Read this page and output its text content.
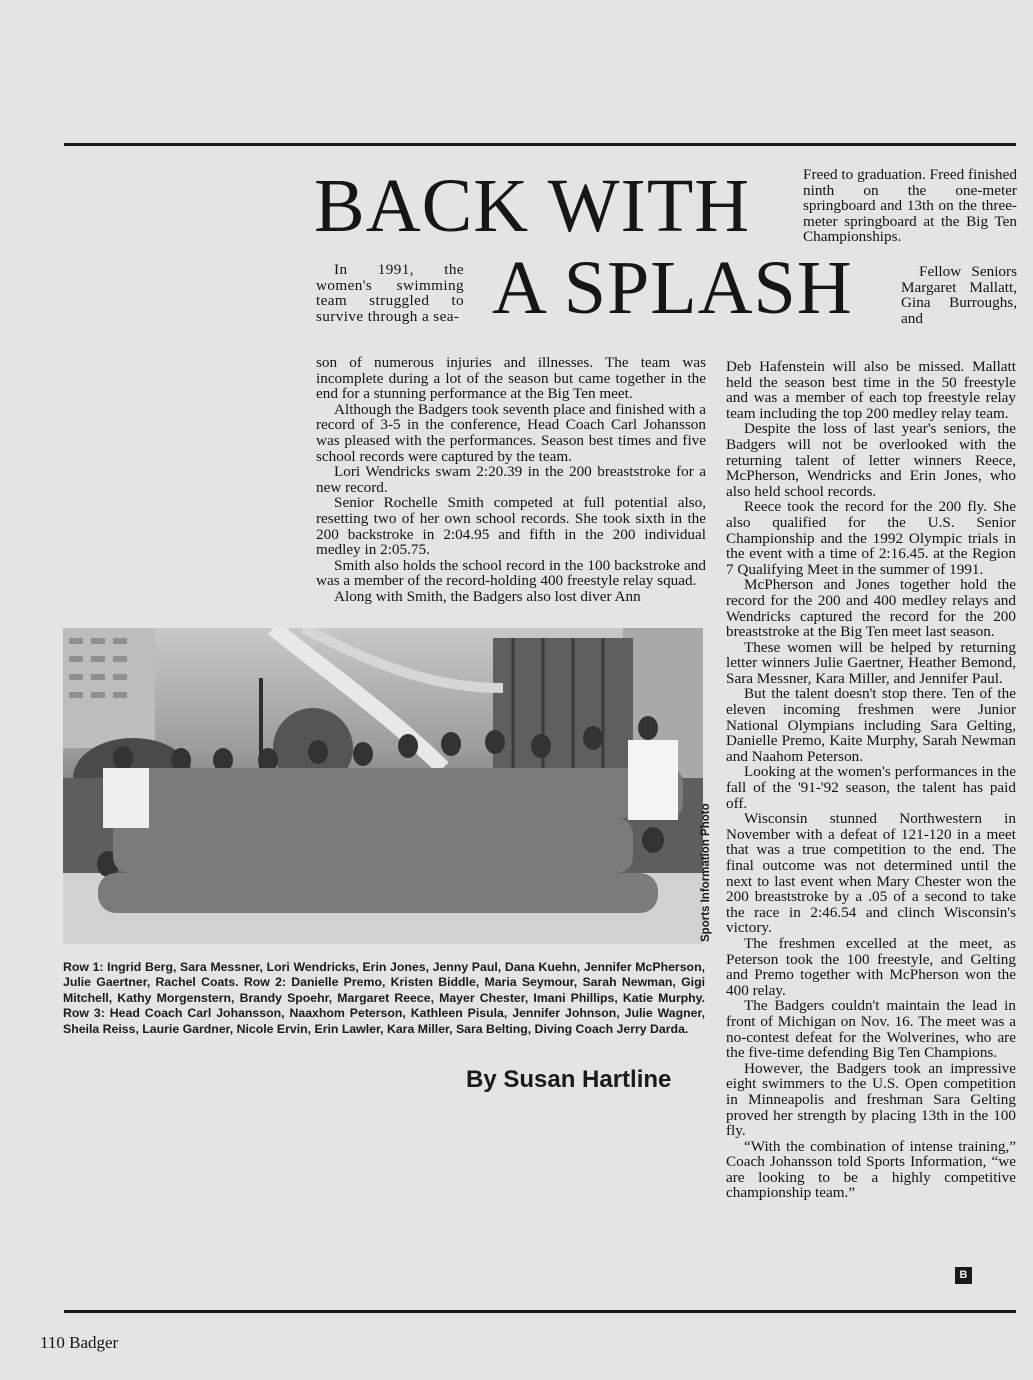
BACK WITH
A SPLASH

In 1991, the women's swimming team struggled to survive through a sea-

son of numerous injuries and illnesses. The team was incomplete during a lot of the season but came together in the end for a stunning performance at the Big Ten meet.

Although the Badgers took seventh place and finished with a record of 3-5 in the conference, Head Coach Carl Johansson was pleased with the performances. Season best times and five school records were captured by the team.

Lori Wendricks swam 2:20.39 in the 200 breaststroke for a new record.

Senior Rochelle Smith competed at full potential also, resetting two of her own school records. She took sixth in the 200 backstroke in 2:04.95 and fifth in the 200 individual medley in 2:05.75.

Smith also holds the school record in the 100 backstroke and was a member of the record-holding 400 freestyle relay squad.

Along with Smith, the Badgers also lost diver Ann

Freed to graduation. Freed finished ninth on the one-meter springboard and 13th on the three-meter springboard at the Big Ten Championships.

Fellow Seniors Margaret Mallatt, Gina Burroughs, and

Deb Hafenstein will also be missed. Mallatt held the season best time in the 50 freestyle and was a member of each top freestyle relay team including the top 200 medley relay team.

Despite the loss of last year's seniors, the Badgers will not be overlooked with the returning talent of letter winners Reece, McPherson, Wendricks and Erin Jones, who also held school records.

Reece took the record for the 200 fly. She also qualified for the U.S. Senior Championship and the 1992 Olympic trials in the event with a time of 2:16.45. at the Region 7 Qualifying Meet in the summer of 1991.

McPherson and Jones together hold the record for the 200 and 400 medley relays and Wendricks captured the record for the 200 breaststroke at the Big Ten meet last season.

These women will be helped by returning letter winners Julie Gaertner, Heather Bemond, Sara Messner, Kara Miller, and Jennifer Paul.

But the talent doesn't stop there. Ten of the eleven incoming freshmen were Junior National Olympians including Sara Gelting, Danielle Premo, Kaite Murphy, Sarah Newman and Naahom Peterson.

Looking at the women's performances in the fall of the '91-'92 season, the talent has paid off.

Wisconsin stunned Northwestern in November with a defeat of 121-120 in a meet that was a true competition to the end. The final outcome was not determined until the next to last event when Mary Chester won the 200 breaststroke by a .05 of a second to take the race in 2:46.54 and clinch Wisconsin's victory.

The freshmen excelled at the meet, as Peterson took the 100 freestyle, and Gelting and Premo together with McPherson won the 400 relay.

The Badgers couldn't maintain the lead in front of Michigan on Nov. 16. The meet was a no-contest defeat for the Wolverines, who are the five-time defending Big Ten Champions.

However, the Badgers took an impressive eight swimmers to the U.S. Open competition in Minneapolis and freshman Sara Gelting proved her strength by placing 13th in the 100 fly.

“With the combination of intense training,” Coach Johansson told Sports Information, “we are looking to be a highly competitive championship team.”

Sports Information Photo
Row 1: Ingrid Berg, Sara Messner, Lori Wendricks, Erin Jones, Jenny Paul, Dana Kuehn, Jennifer McPherson, Julie Gaertner, Rachel Coats. Row 2: Danielle Premo, Kristen Biddle, Maria Seymour, Sarah Newman, Gigi Mitchell, Kathy Morgenstern, Brandy Spoehr, Margaret Reece, Mayer Chester, Imani Phillips, Katie Murphy. Row 3: Head Coach Carl Johansson, Naaxhom Peterson, Kathleen Pisula, Jennifer Johnson, Julie Wagner, Sheila Reiss, Laurie Gardner, Nicole Ervin, Erin Lawler, Kara Miller, Sara Belting, Diving Coach Jerry Darda.
By Susan Hartline
B
110 Badger
